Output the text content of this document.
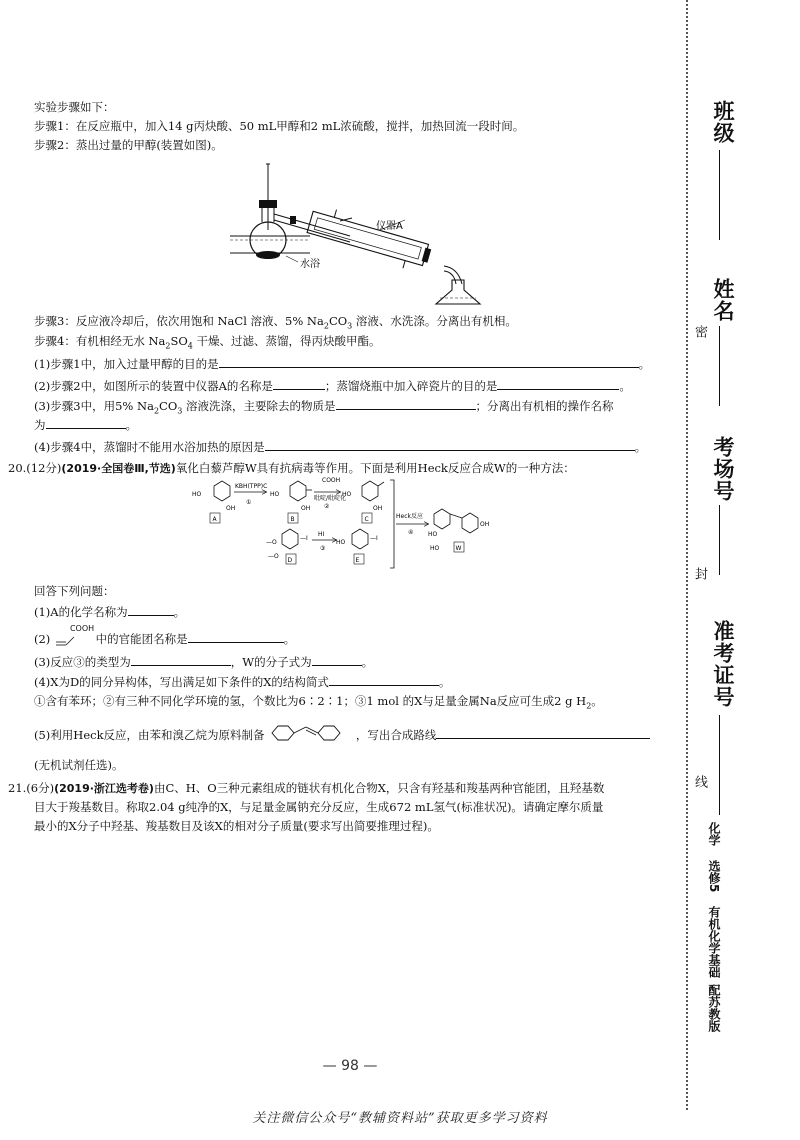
实验步骤如下：
步骤1：在反应瓶中，加入14 g丙炔酸、50 mL甲醇和2 mL浓硫酸，搅拌，加热回流一段时间。
步骤2：蒸出过量的甲醇(装置如图)。
仪器A
水浴
步骤3：反应液冷却后，依次用饱和 NaCl 溶液、5% $Na_2CO_3$ 溶液、水洗涤。分离出有机相。
步骤4：有机相经无水 $Na_2SO_4$ 干燥、过滤、蒸馏，得丙炔酸甲酯。
(1)步骤1中，加入过量甲醇的目的是	。
(2)步骤2中，如图所示的装置中仪器A的名称是	；蒸馏烧瓶中加入碎瓷片的目的是	。
(3)步骤3中，用5% $Na_2CO_3$ 溶液洗涤，主要除去的物质是	；分离出有机相的操作名称
为	。
(4)步骤4中，蒸馏时不能用水浴加热的原因是	。
20.(12分)(2019·全国卷Ⅲ,节选)氧化白藜芦醇W具有抗病毒等作用。下面是利用Heck反应合成W的一种方法：
HO
OH
A
KBH(TPP)C
①
HO
OH
B
COOH
吡啶/吡啶化
②
HO
OH
C	Heck反应
④ HO
OH
HO	W
—O
—I
—O
D
HI
③
HO
—I
E
回答下列问题：
(1)A的化学名称为	。
(2)
COOH
中的官能团名称是	。
(3)反应③的类型为	，W的分子式为	。
(4)X为D的同分异构体，写出满足如下条件的X的结构简式	。
①含有苯环；②有三种不同化学环境的氢，个数比为6∶2∶1；③1 mol 的X与足量金属Na反应可生成2 g $H_2$。
(5)利用Heck反应，由苯和溴乙烷为原料制备	，写出合成路线
(无机试剂任选)。
21.(6分)(2019·浙江选考卷)由C、H、O三种元素组成的链状有机化合物X，只含有羟基和羧基两种官能团，且羟基数
目大于羧基数目。称取2.04 g纯净的X，与足量金属钠充分反应，生成672 mL氢气(标准状况)。请确定摩尔质量
最小的X分子中羟基、羧基数目及该X的相对分子质量(要求写出简要推理过程)。
— 98 —
班级
姓名
密
考场号
封
准考证号
线
化学
选修5
有机化学基础
配苏教版
关注微信公众号“教辅资料站”获取更多学习资料
